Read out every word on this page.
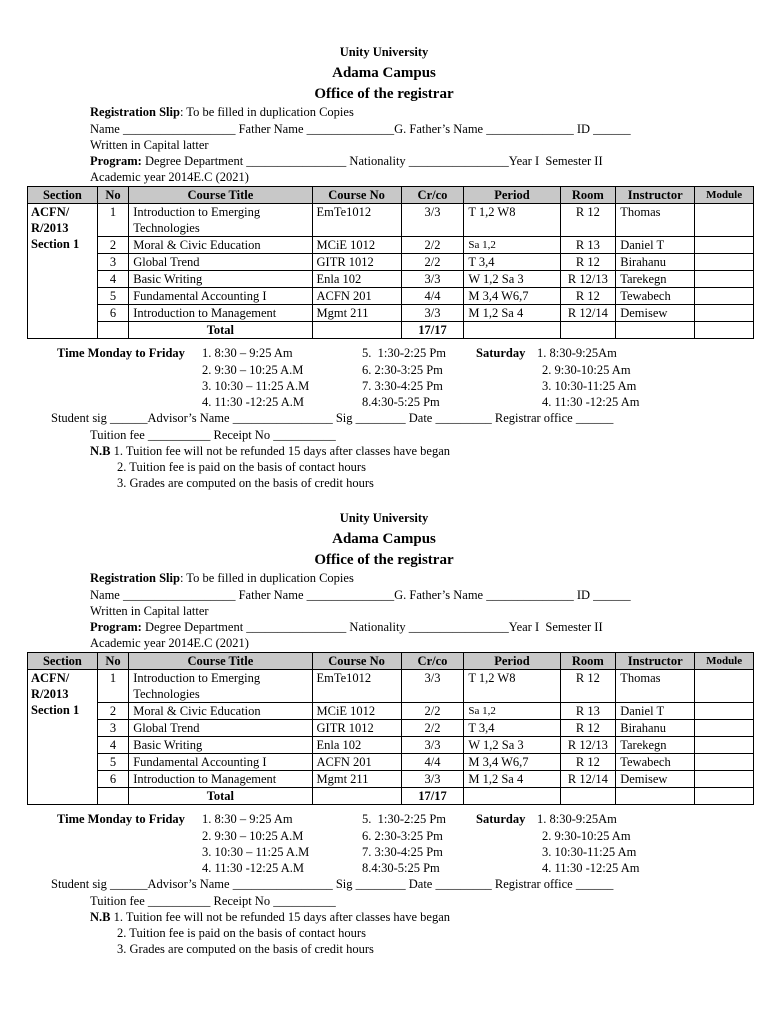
Unity University
Adama Campus
Office of the registrar
Registration Slip: To be filled in duplication Copies
Name __________________ Father Name ______________G. Father’s Name ______________ ID ______
Written in Capital latter
Program: Degree Department ________________ Nationality ________________Year I  Semester II
Academic year 2014E.C (2021)
Section	No	Course Title	Course No	Cr/co	Period	Room	Instructor	Module

ACFN/
R/2013
Section 1	1	Introduction to Emerging Technologies	EmTe1012	3/3	T 1,2 W8	R 12	Thomas	
	2	Moral & Civic Education	MCiE 1012	2/2	Sa 1,2	R 13	Daniel T	
	3	Global Trend	GITR 1012	2/2	T 3,4	R 12	Birahanu	
	4	Basic Writing	Enla 102	3/3	W 1,2 Sa 3	R 12/13	Tarekegn	
	5	Fundamental Accounting I	ACFN 201	4/4	M 3,4 W6,7	R 12	Tewabech	
	6	Introduction to Management	Mgmt 211	3/3	M 1,2 Sa 4	R 12/14	Demisew	
		Total		17/17				
Time Monday to Friday 1. 8:30 – 9:25 Am
2. 9:30 – 10:25 A.M
3. 10:30 – 11:25 A.M
4. 11:30 -12:25 A.M
5.  1:30-2:25 Pm
6. 2:30-3:25 Pm
7. 3:30-4:25 Pm
8.4:30-5:25 Pm
Saturday 1. 8:30-9:25Am
2. 9:30-10:25 Am
3. 10:30-11:25 Am
4. 11:30 -12:25 Am
Student sig ______Advisor’s Name ________________ Sig ________ Date _________ Registrar office ______
Tuition fee __________ Receipt No __________
N.B 1. Tuition fee will not be refunded 15 days after classes have began
2. Tuition fee is paid on the basis of contact hours
3. Grades are computed on the basis of credit hours
Unity University
Adama Campus
Office of the registrar
Registration Slip: To be filled in duplication Copies
Name __________________ Father Name ______________G. Father’s Name ______________ ID ______
Written in Capital latter
Program: Degree Department ________________ Nationality ________________Year I  Semester II
Academic year 2014E.C (2021)
Section	No	Course Title	Course No	Cr/co	Period	Room	Instructor	Module

ACFN/
R/2013
Section 1	1	Introduction to Emerging Technologies	EmTe1012	3/3	T 1,2 W8	R 12	Thomas	
	2	Moral & Civic Education	MCiE 1012	2/2	Sa 1,2	R 13	Daniel T	
	3	Global Trend	GITR 1012	2/2	T 3,4	R 12	Birahanu	
	4	Basic Writing	Enla 102	3/3	W 1,2 Sa 3	R 12/13	Tarekegn	
	5	Fundamental Accounting I	ACFN 201	4/4	M 3,4 W6,7	R 12	Tewabech	
	6	Introduction to Management	Mgmt 211	3/3	M 1,2 Sa 4	R 12/14	Demisew	
		Total		17/17				
Time Monday to Friday 1. 8:30 – 9:25 Am
2. 9:30 – 10:25 A.M
3. 10:30 – 11:25 A.M
4. 11:30 -12:25 A.M
5.  1:30-2:25 Pm
6. 2:30-3:25 Pm
7. 3:30-4:25 Pm
8.4:30-5:25 Pm
Saturday 1. 8:30-9:25Am
2. 9:30-10:25 Am
3. 10:30-11:25 Am
4. 11:30 -12:25 Am
Student sig ______Advisor’s Name ________________ Sig ________ Date _________ Registrar office ______
Tuition fee __________ Receipt No __________
N.B 1. Tuition fee will not be refunded 15 days after classes have began
2. Tuition fee is paid on the basis of contact hours
3. Grades are computed on the basis of credit hours
